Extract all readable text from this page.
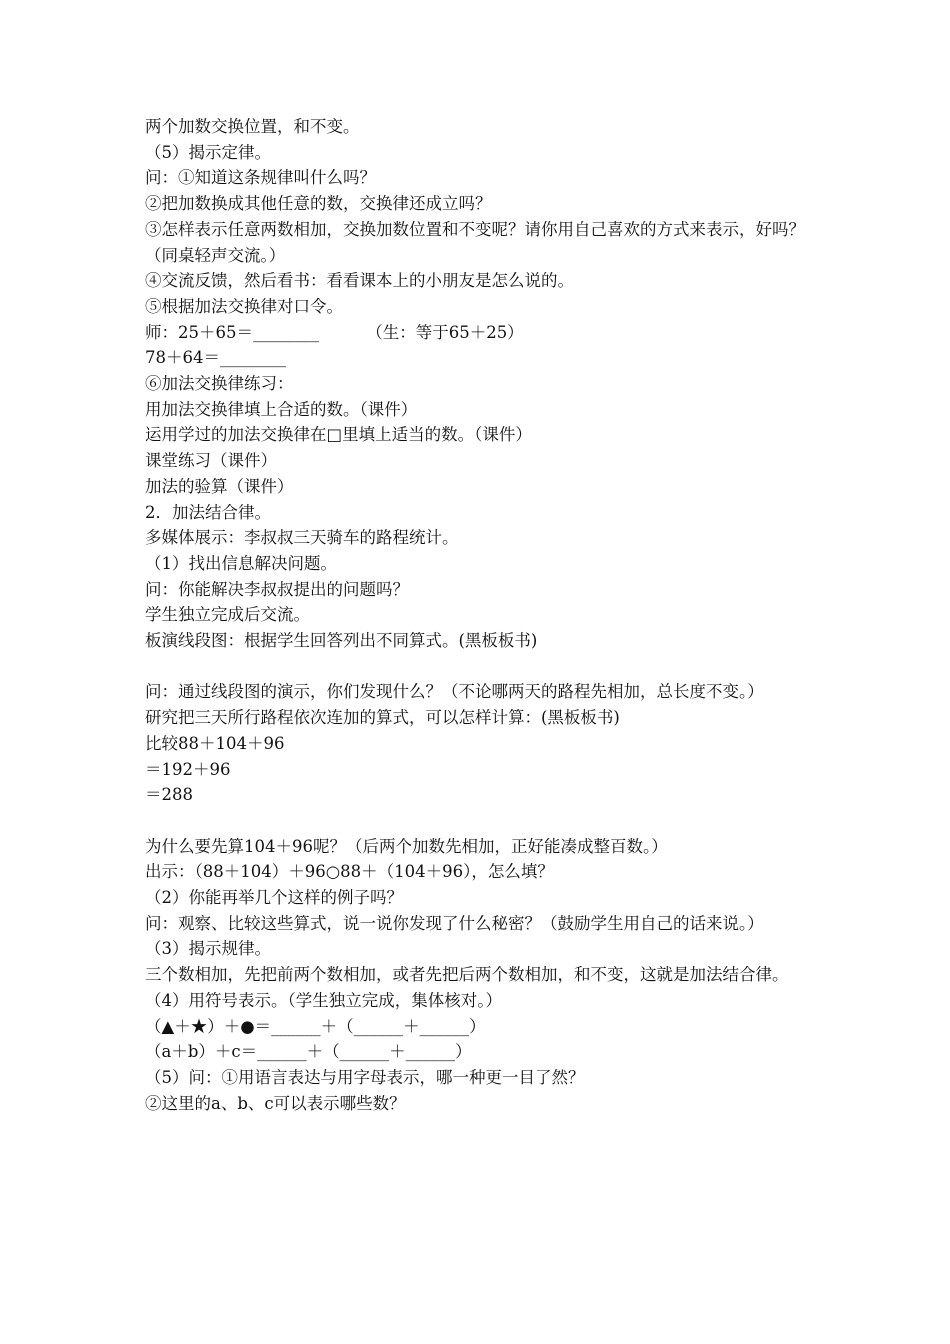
两个加数交换位置，和不变。

（5）揭示定律。

问：①知道这条规律叫什么吗？

②把加数换成其他任意的数，交换律还成立吗？

③怎样表示任意两数相加，交换加数位置和不变呢？请你用自己喜欢的方式来表示，好吗？（同桌轻声交流。）

④交流反馈，然后看书：看看课本上的小朋友是怎么说的。

⑤根据加法交换律对口令。

师：25＋65＝________         （生：等于65＋25）

78＋64＝________

⑥加法交换律练习：

用加法交换律填上合适的数。（课件）

运用学过的加法交换律在□里填上适当的数。（课件）

课堂练习（课件）

加法的验算（课件）

2．加法结合律。

多媒体展示：李叔叔三天骑车的路程统计。

（1）找出信息解决问题。

问：你能解决李叔叔提出的问题吗？

学生独立完成后交流。

板演线段图：根据学生回答列出不同算式。(黑板板书)

问：通过线段图的演示，你们发现什么？（不论哪两天的路程先相加，总长度不变。）

研究把三天所行路程依次连加的算式，可以怎样计算：(黑板板书)

比较88＋104＋96

＝192＋96

＝288

为什么要先算104＋96呢？（后两个加数先相加，正好能凑成整百数。）

出示：（88＋104）＋96○88＋（104＋96），怎么填？

（2）你能再举几个这样的例子吗？

问：观察、比较这些算式，说一说你发现了什么秘密？（鼓励学生用自己的话来说。）

（3）揭示规律。

三个数相加，先把前两个数相加，或者先把后两个数相加，和不变，这就是加法结合律。

（4）用符号表示。（学生独立完成，集体核对。）

（▲＋★）＋●＝______＋（______＋______）

（a＋b）＋c＝______＋（______＋______）

（5）问：①用语言表达与用字母表示，哪一种更一目了然？

②这里的a、b、c可以表示哪些数？
